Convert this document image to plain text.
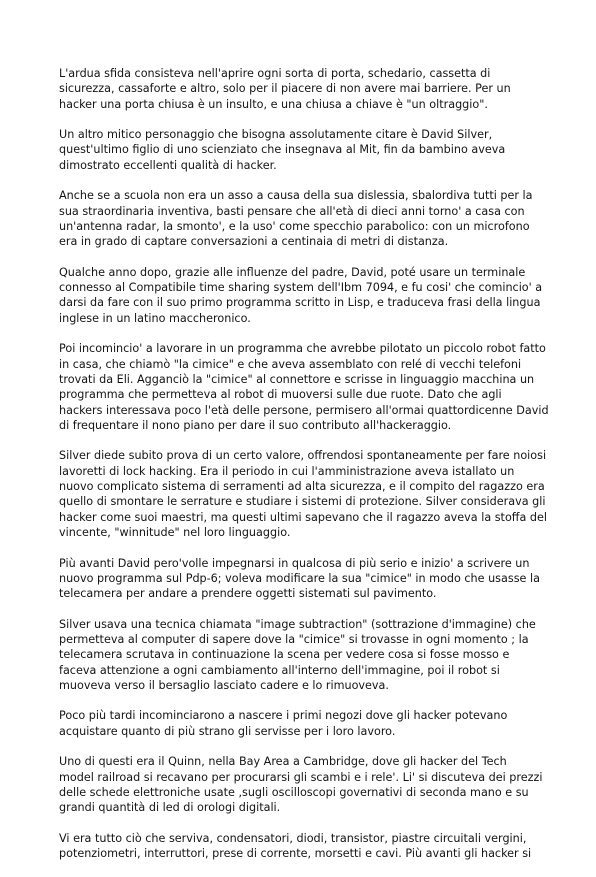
L'ardua sfida consisteva nell'aprire ogni sorta di porta, schedario, cassetta di
sicurezza, cassaforte e altro, solo per il piacere di non avere mai barriere. Per un
hacker una porta chiusa è un insulto, e una chiusa a chiave è "un oltraggio".

Un altro mitico personaggio che bisogna assolutamente citare è David Silver,
quest'ultimo figlio di uno scienziato che insegnava al Mit, fin da bambino aveva
dimostrato eccellenti qualità di hacker.

Anche se a scuola non era un asso a causa della sua dislessia, sbalordiva tutti per la
sua straordinaria inventiva, basti pensare che all'età di dieci anni torno' a casa con
un'antenna radar, la smonto', e la uso' come specchio parabolico: con un microfono
era in grado di captare conversazioni a centinaia di metri di distanza.

Qualche anno dopo, grazie alle influenze del padre, David, poté usare un terminale
connesso al Compatibile time sharing system dell'Ibm 7094, e fu cosi' che comincio' a
darsi da fare con il suo primo programma scritto in Lisp, e traduceva frasi della lingua
inglese in un latino maccheronico.

Poi incomincio' a lavorare in un programma che avrebbe pilotato un piccolo robot fatto
in casa, che chiamò "la cimice" e che aveva assemblato con relé di vecchi telefoni
trovati da Eli. Agganciò la "cimice" al connettore e scrisse in linguaggio macchina un
programma che permetteva al robot di muoversi sulle due ruote. Dato che agli
hackers interessava poco l'età delle persone, permisero all'ormai quattordicenne David
di frequentare il nono piano per dare il suo contributo all'hackeraggio.

Silver diede subito prova di un certo valore, offrendosi spontaneamente per fare noiosi
lavoretti di lock hacking. Era il periodo in cui l'amministrazione aveva istallato un
nuovo complicato sistema di serramenti ad alta sicurezza, e il compito del ragazzo era
quello di smontare le serrature e studiare i sistemi di protezione. Silver considerava gli
hacker come suoi maestri, ma questi ultimi sapevano che il ragazzo aveva la stoffa del
vincente, "winnitude" nel loro linguaggio.

Più avanti David pero'volle impegnarsi in qualcosa di più serio e inizio' a scrivere un
nuovo programma sul Pdp-6; voleva modificare la sua "cimice" in modo che usasse la
telecamera per andare a prendere oggetti sistemati sul pavimento.

Silver usava una tecnica chiamata "image subtraction" (sottrazione d'immagine) che
permetteva al computer di sapere dove la "cimice" si trovasse in ogni momento ; la
telecamera scrutava in continuazione la scena per vedere cosa si fosse mosso e
faceva attenzione a ogni cambiamento all'interno dell'immagine, poi il robot si
muoveva verso il bersaglio lasciato cadere e lo rimuoveva.

Poco più tardi incominciarono a nascere i primi negozi dove gli hacker potevano
acquistare quanto di più strano gli servisse per i loro lavoro.

Uno di questi era il Quinn, nella Bay Area a Cambridge, dove gli hacker del Tech
model railroad si recavano per procurarsi gli scambi e i rele'. Li' si discuteva dei prezzi
delle schede elettroniche usate ,sugli oscilloscopi governativi di seconda mano e su
grandi quantità di led di orologi digitali.

Vi era tutto ciò che serviva, condensatori, diodi, transistor, piastre circuitali vergini,
potenziometri, interruttori, prese di corrente, morsetti e cavi. Più avanti gli hacker si
